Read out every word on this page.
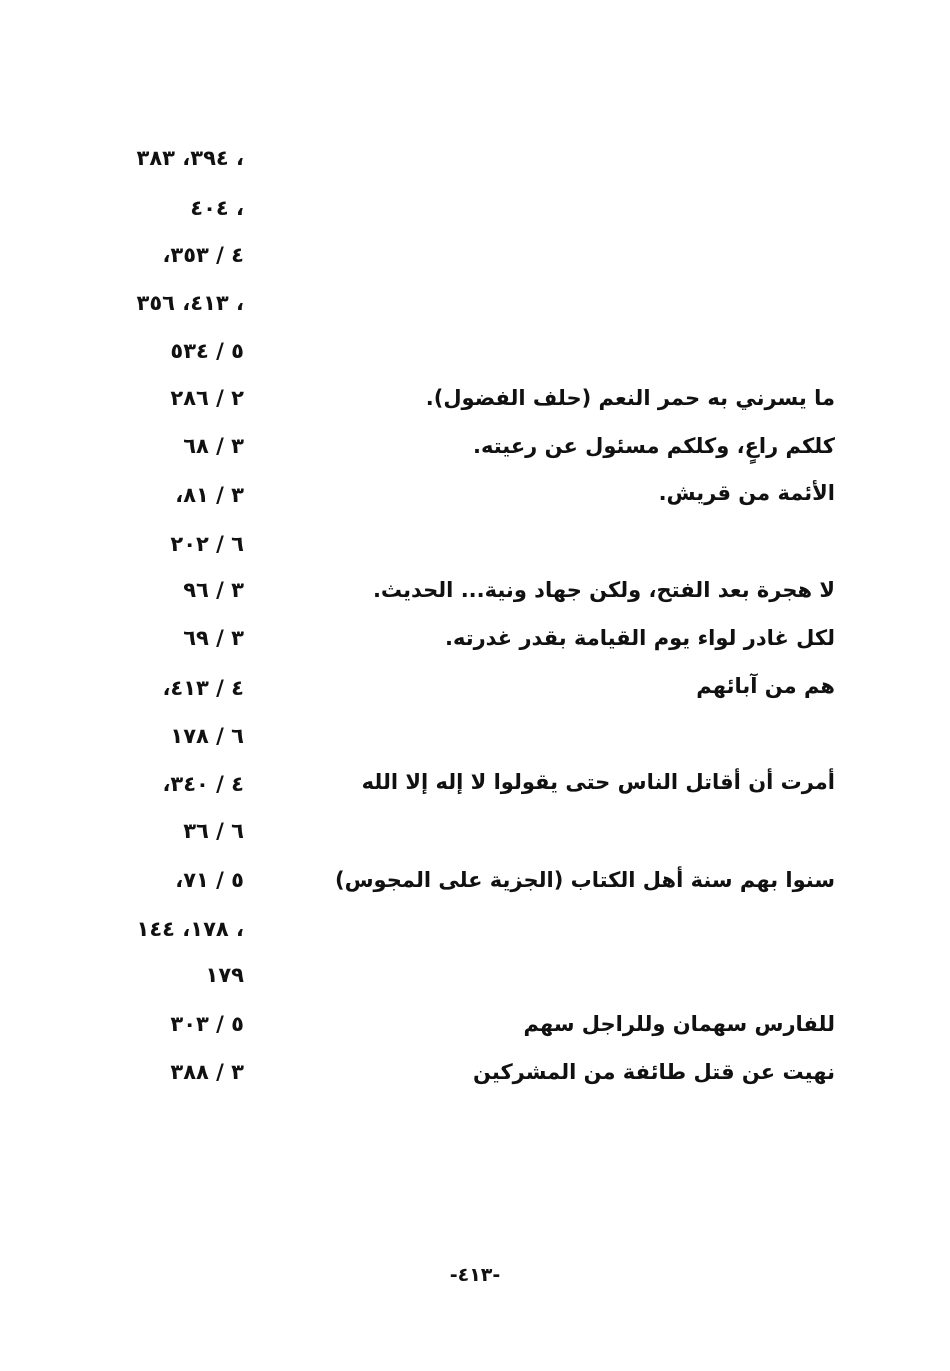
، ٣٩٤، ٣٨٣
، ٤٠٤
٤ / ٣٥٣،
، ٤١٣، ٣٥٦
٥ / ٥٣٤
٢ / ٢٨٦
٣ / ٦٨
٣ / ٨١،
٦ / ٢٠٢
٣ / ٩٦
٣ / ٦٩
٤ / ٤١٣،
٦ / ١٧٨
٤ / ٣٤٠،
٦ / ٣٦
٥ / ٧١،
، ١٧٨، ١٤٤
١٧٩
٥ / ٣٠٣
٣ / ٣٨٨
ما يسرني به حمر النعم (حلف الفضول).
كلكم راعٍ، وكلكم مسئول عن رعيته.
الأئمة من قريش.
لا هجرة بعد الفتح، ولكن جهاد ونية... الحديث.
لكل غادر لواء يوم القيامة بقدر غدرته.
هم من آبائهم
أمرت أن أقاتل الناس حتى يقولوا لا إله إلا الله
سنوا بهم سنة أهل الكتاب (الجزية على المجوس)
للفارس سهمان وللراجل سهم
نهيت عن قتل طائفة من المشركين
-٤١٣-
